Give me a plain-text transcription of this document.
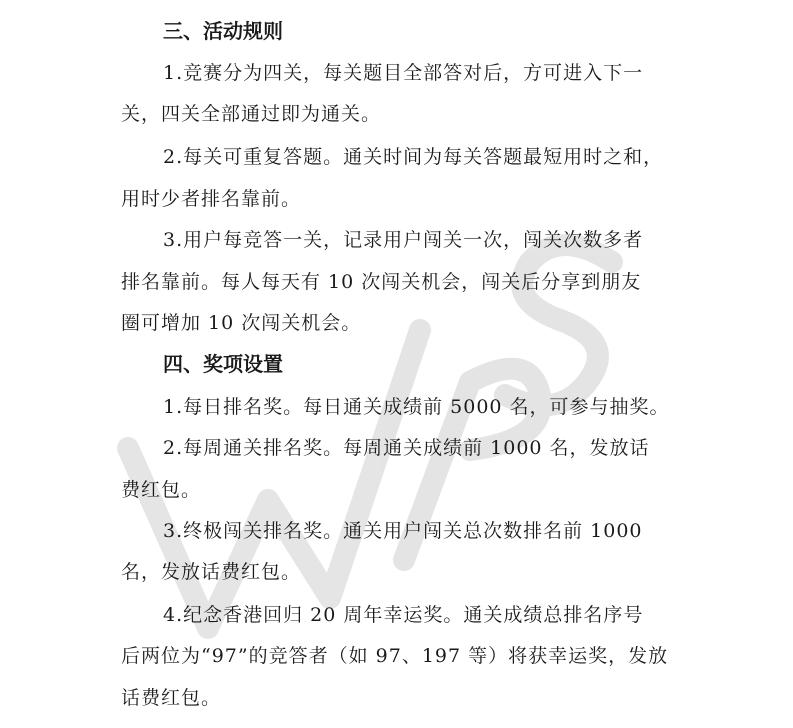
三、活动规则
1.竞赛分为四关，每关题目全部答对后，方可进入下一
关，四关全部通过即为通关。
2.每关可重复答题。通关时间为每关答题最短用时之和，
用时少者排名靠前。
3.用户每竞答一关，记录用户闯关一次，闯关次数多者
排名靠前。每人每天有 10 次闯关机会，闯关后分享到朋友
圈可增加 10 次闯关机会。
四、奖项设置
1.每日排名奖。每日通关成绩前 5000 名，可参与抽奖。
2.每周通关排名奖。每周通关成绩前 1000 名，发放话
费红包。
3.终极闯关排名奖。通关用户闯关总次数排名前 1000
名，发放话费红包。
4.纪念香港回归 20 周年幸运奖。通关成绩总排名序号
后两位为“97”的竞答者（如 97、197 等）将获幸运奖，发放
话费红包。
